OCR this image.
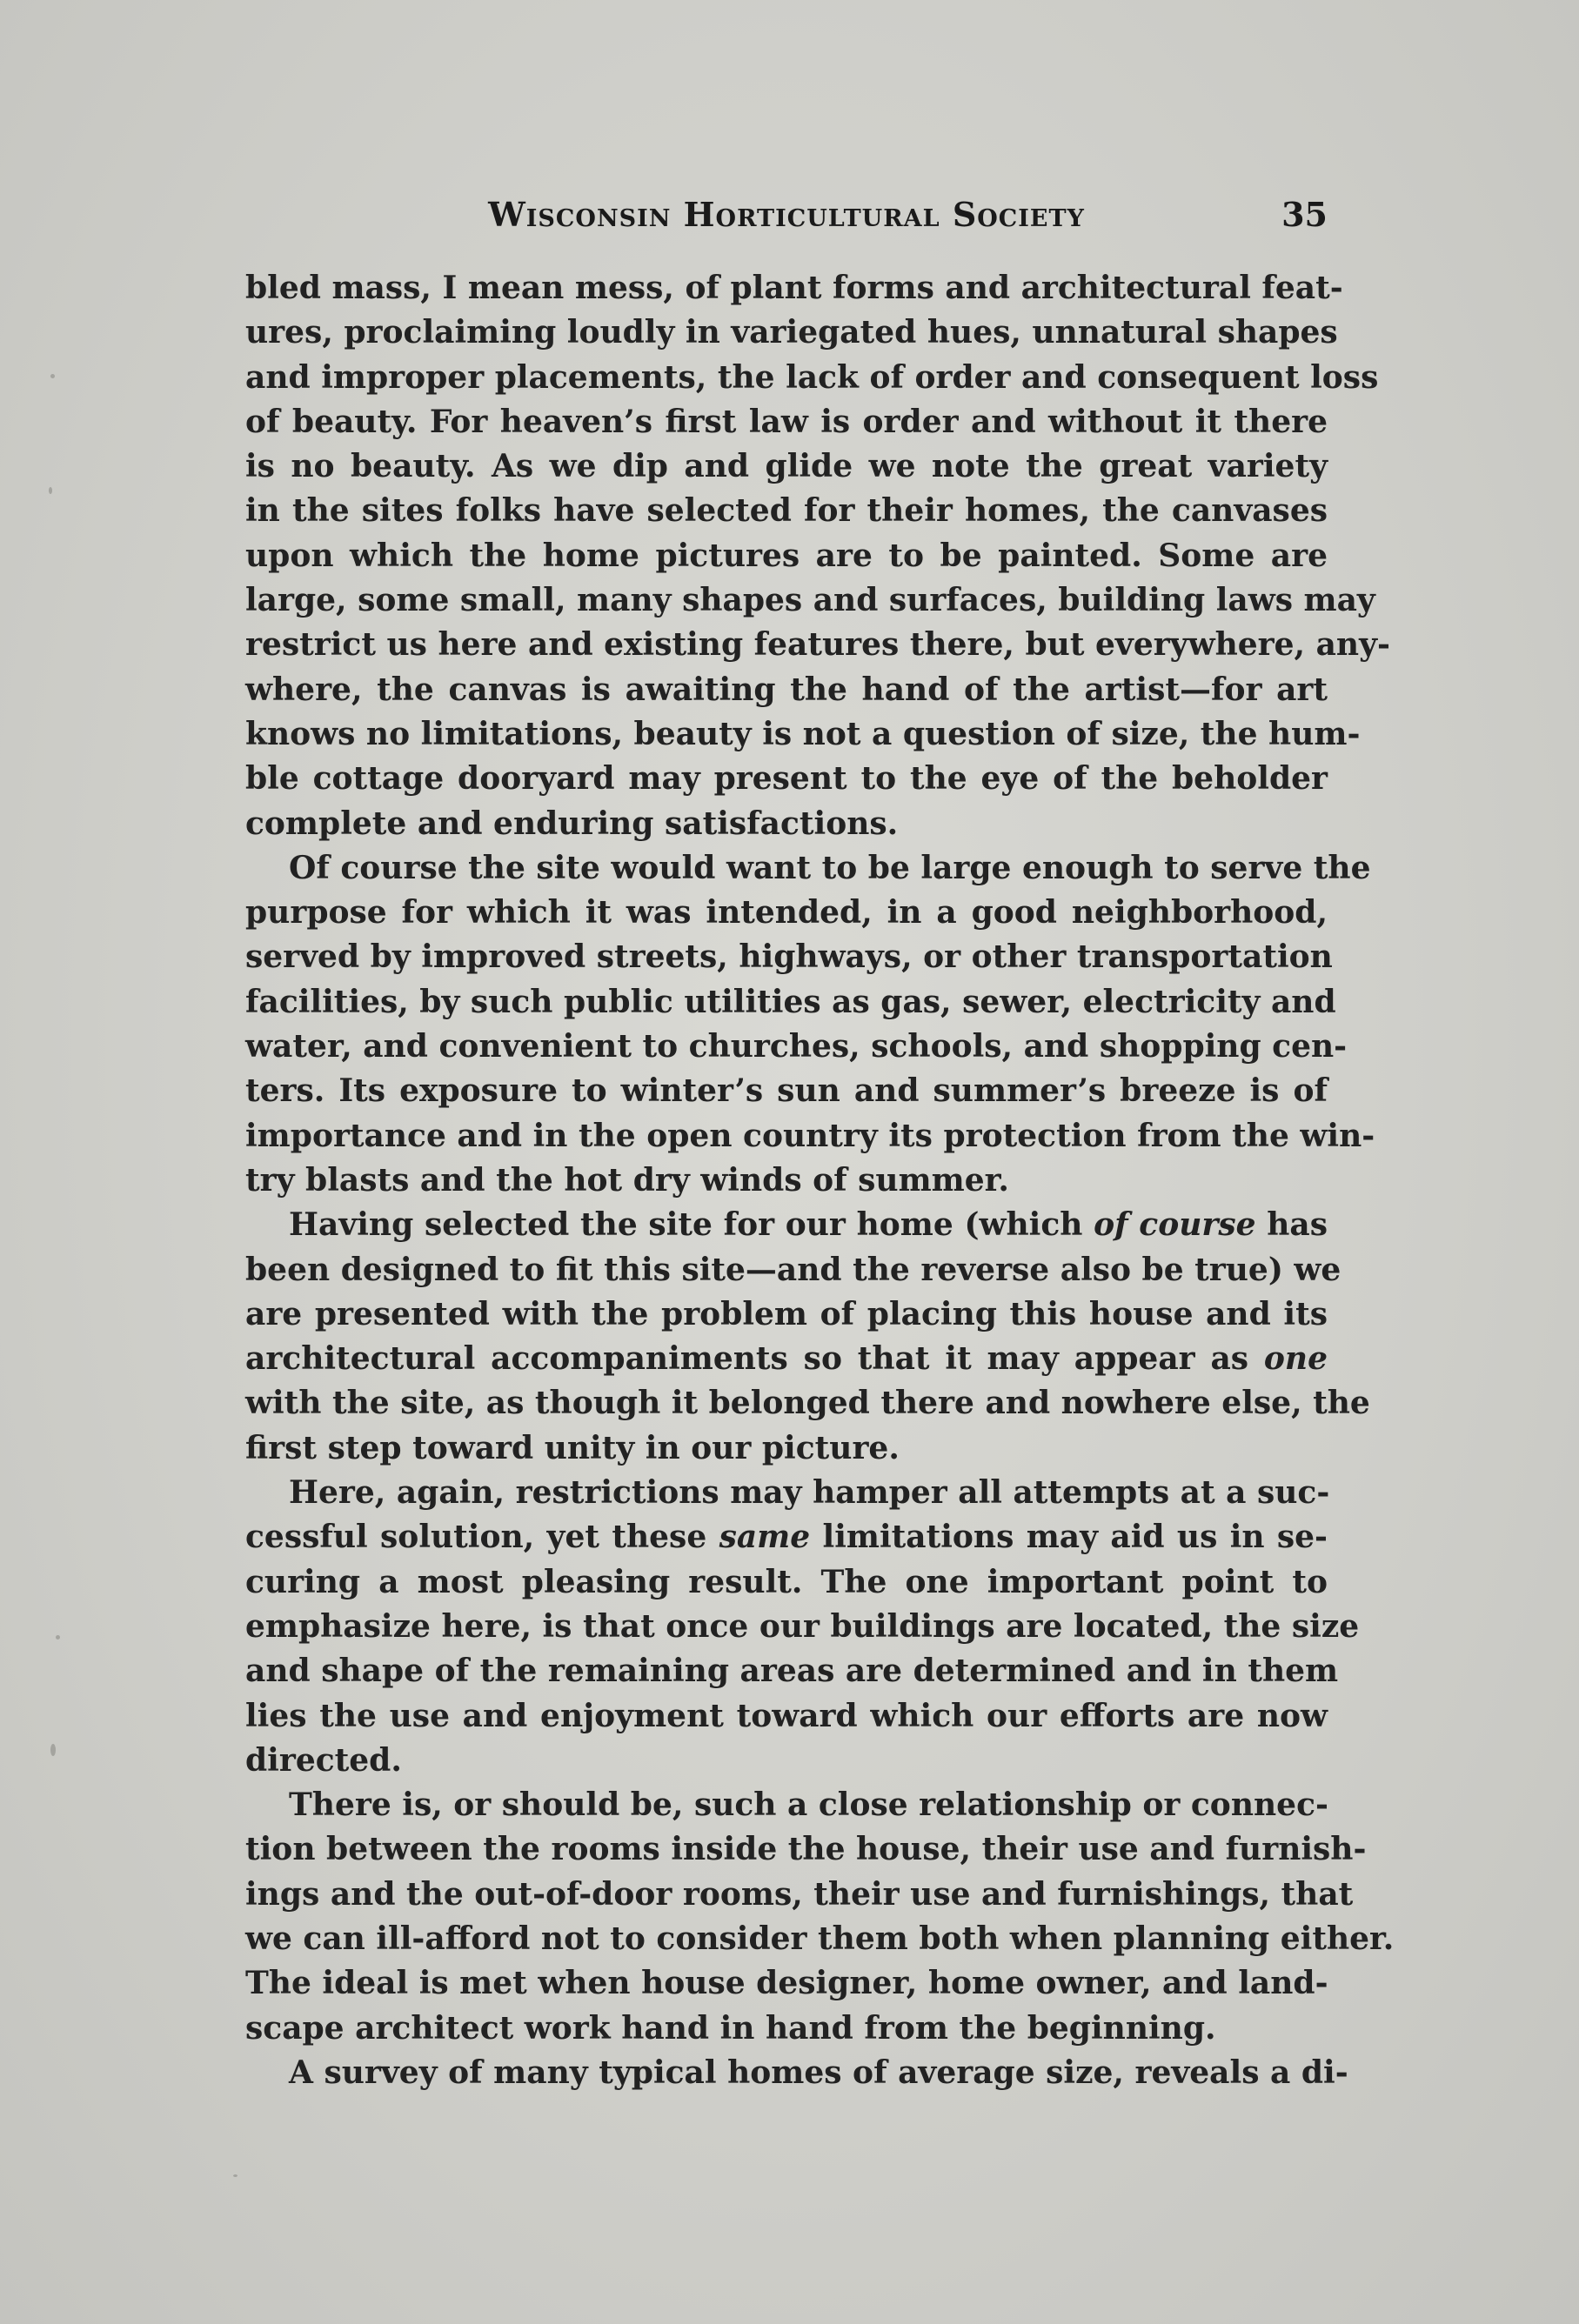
Wisconsin Horticultural Society	35
bled mass, I mean mess, of plant forms and architectural feat-
ures, proclaiming loudly in variegated hues, unnatural shapes
and improper placements, the lack of order and consequent loss
of beauty. For heaven’s first law is order and without it there
is no beauty. As we dip and glide we note the great variety
in the sites folks have selected for their homes, the canvases
upon which the home pictures are to be painted. Some are
large, some small, many shapes and surfaces, building laws may
restrict us here and existing features there, but everywhere, any-
where, the canvas is awaiting the hand of the artist—for art
knows no limitations, beauty is not a question of size, the hum-
ble cottage dooryard may present to the eye of the beholder
complete and enduring satisfactions.
Of course the site would want to be large enough to serve the
purpose for which it was intended, in a good neighborhood,
served by improved streets, highways, or other transportation
facilities, by such public utilities as gas, sewer, electricity and
water, and convenient to churches, schools, and shopping cen-
ters. Its exposure to winter’s sun and summer’s breeze is of
importance and in the open country its protection from the win-
try blasts and the hot dry winds of summer.
Having selected the site for our home (which of course has
been designed to fit this site—and the reverse also be true) we
are presented with the problem of placing this house and its
architectural accompaniments so that it may appear as one
with the site, as though it belonged there and nowhere else, the
first step toward unity in our picture.
Here, again, restrictions may hamper all attempts at a suc-
cessful solution, yet these same limitations may aid us in se-
curing a most pleasing result. The one important point to
emphasize here, is that once our buildings are located, the size
and shape of the remaining areas are determined and in them
lies the use and enjoyment toward which our efforts are now
directed.
There is, or should be, such a close relationship or connec-
tion between the rooms inside the house, their use and furnish-
ings and the out-of-door rooms, their use and furnishings, that
we can ill-afford not to consider them both when planning either.
The ideal is met when house designer, home owner, and land-
scape architect work hand in hand from the beginning.
A survey of many typical homes of average size, reveals a di-
